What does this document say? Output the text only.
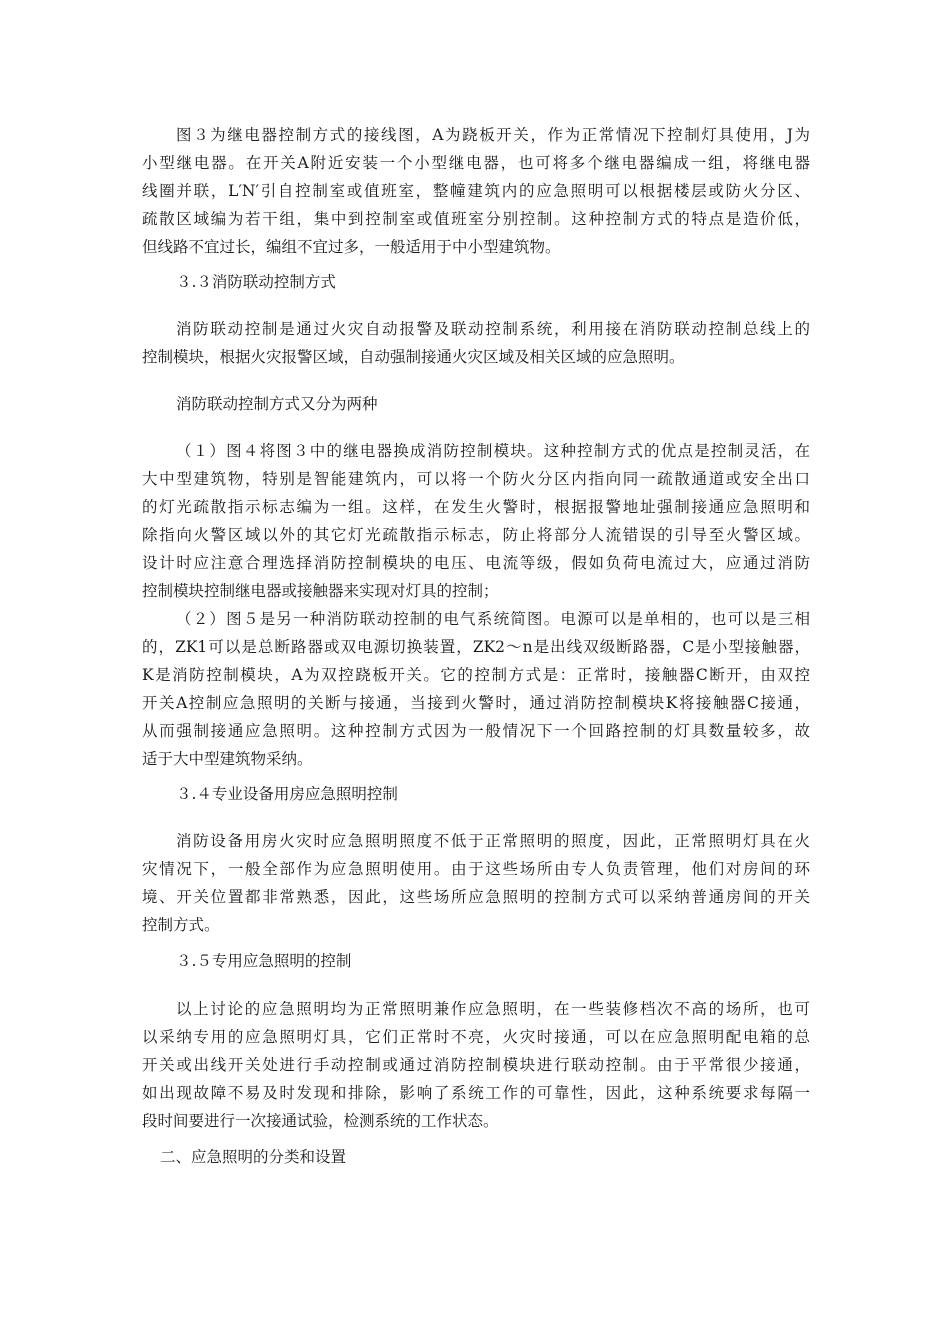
图３为继电器控制方式的接线图，A为跷板开关，作为正常情况下控制灯具使用，J为
小型继电器。在开关A附近安装一个小型继电器，也可将多个继电器编成一组，将继电器
线圈并联，L′N′引自控制室或值班室，整幢建筑内的应急照明可以根据楼层或防火分区、
疏散区域编为若干组，集中到控制室或值班室分别控制。这种控制方式的特点是造价低，
但线路不宜过长，编组不宜过多，一般适用于中小型建筑物。
３.３消防联动控制方式
消防联动控制是通过火灾自动报警及联动控制系统，利用接在消防联动控制总线上的
控制模块，根据火灾报警区域，自动强制接通火灾区域及相关区域的应急照明。
消防联动控制方式又分为两种
（１）图４将图３中的继电器换成消防控制模块。这种控制方式的优点是控制灵活，在
大中型建筑物，特别是智能建筑内，可以将一个防火分区内指向同一疏散通道或安全出口
的灯光疏散指示标志编为一组。这样，在发生火警时，根据报警地址强制接通应急照明和
除指向火警区域以外的其它灯光疏散指示标志，防止将部分人流错误的引导至火警区域。
设计时应注意合理选择消防控制模块的电压、电流等级，假如负荷电流过大，应通过消防
控制模块控制继电器或接触器来实现对灯具的控制；
（２）图５是另一种消防联动控制的电气系统简图。电源可以是单相的，也可以是三相
的，ZK1可以是总断路器或双电源切换装置，ZK2～n是出线双级断路器，C是小型接触器，
K是消防控制模块，A为双控跷板开关。它的控制方式是：正常时，接触器C断开，由双控
开关A控制应急照明的关断与接通，当接到火警时，通过消防控制模块K将接触器C接通，
从而强制接通应急照明。这种控制方式因为一般情况下一个回路控制的灯具数量较多，故
适于大中型建筑物采纳。
３.４专业设备用房应急照明控制
消防设备用房火灾时应急照明照度不低于正常照明的照度，因此，正常照明灯具在火
灾情况下，一般全部作为应急照明使用。由于这些场所由专人负责管理，他们对房间的环
境、开关位置都非常熟悉，因此，这些场所应急照明的控制方式可以采纳普通房间的开关
控制方式。
３.５专用应急照明的控制
以上讨论的应急照明均为正常照明兼作应急照明，在一些装修档次不高的场所，也可
以采纳专用的应急照明灯具，它们正常时不亮，火灾时接通，可以在应急照明配电箱的总
开关或出线开关处进行手动控制或通过消防控制模块进行联动控制。由于平常很少接通，
如出现故障不易及时发现和排除，影响了系统工作的可靠性，因此，这种系统要求每隔一
段时间要进行一次接通试验，检测系统的工作状态。
二、应急照明的分类和设置
